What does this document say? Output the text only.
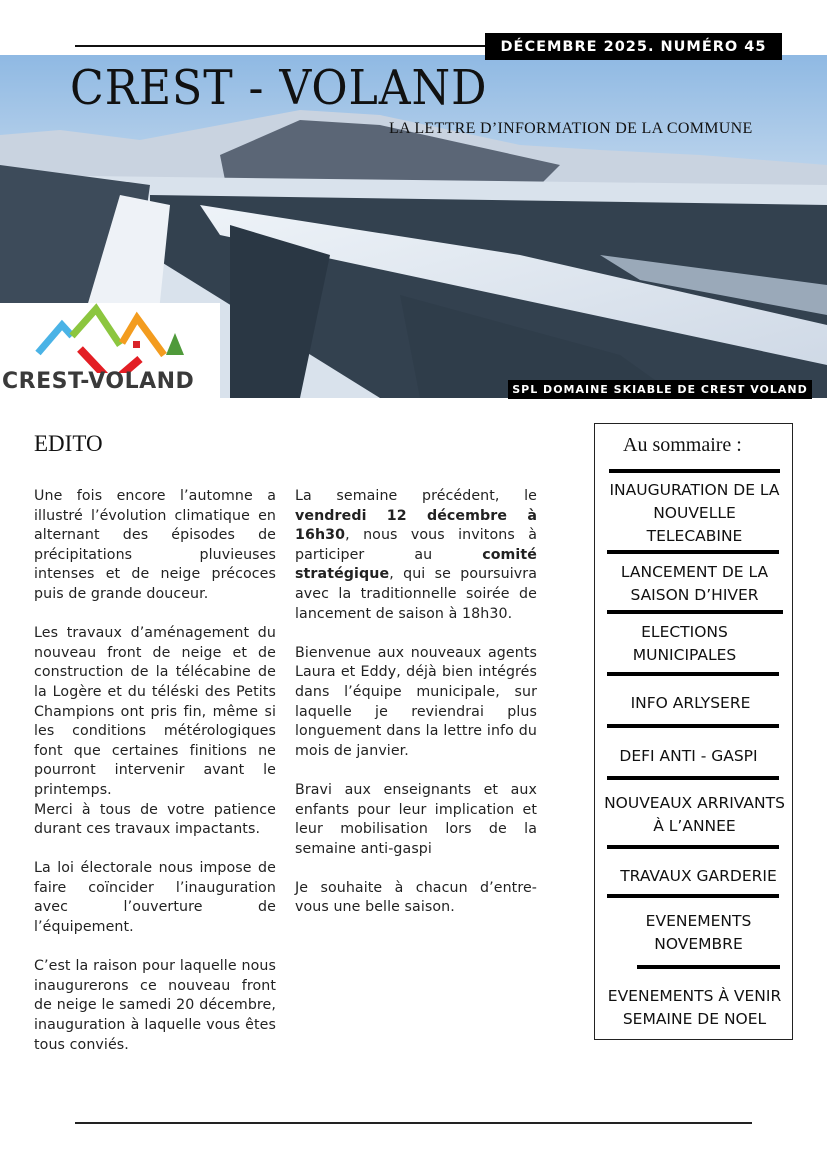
DÉCEMBRE 2025. NUMÉRO 45
CREST - VOLAND
LA LETTRE D’INFORMATION DE LA COMMUNE
CREST-VOLAND	SPL DOMAINE SKIABLE DE CREST VOLAND
EDITO

Une fois encore l’automne a illustré l’évolution climatique en alternant des épisodes de précipitations pluvieuses intenses et de neige précoces puis de grande douceur.

Les travaux d’aménagement du nouveau front de neige et de construction de la télécabine de la Logère et du téléski des Petits Champions ont pris fin, même si les conditions métérologiques font que certaines finitions ne pourront intervenir avant le printemps.

Merci à tous de votre patience durant ces travaux impactants.

La loi électorale nous impose de faire coïncider l’inauguration avec l’ouverture de l’équipement.

C’est la raison pour laquelle nous inaugurerons ce nouveau front de neige le samedi 20 décembre, inauguration à laquelle vous êtes tous conviés.

La semaine précédent, le vendredi 12 décembre à 16h30, nous vous invitons à participer au comité stratégique, qui se poursuivra avec la traditionnelle soirée de lancement de saison à 18h30.

Bienvenue aux nouveaux agents Laura et Eddy, déjà bien intégrés dans l’équipe municipale, sur laquelle je reviendrai plus longuement dans la lettre info du mois de janvier.

Bravi aux enseignants et aux enfants pour leur implication et leur mobilisation lors de la semaine anti-gaspi

Je souhaite à chacun d’entre-vous une belle saison.

Au sommaire :
INAUGURATION DE LA
NOUVELLE
TELECABINE
LANCEMENT DE LA
SAISON D’HIVER
ELECTIONS
MUNICIPALES
INFO ARLYSERE
DEFI ANTI - GASPI
NOUVEAUX ARRIVANTS
À L’ANNEE
TRAVAUX GARDERIE
EVENEMENTS
NOVEMBRE
EVENEMENTS À VENIR
SEMAINE DE NOEL
